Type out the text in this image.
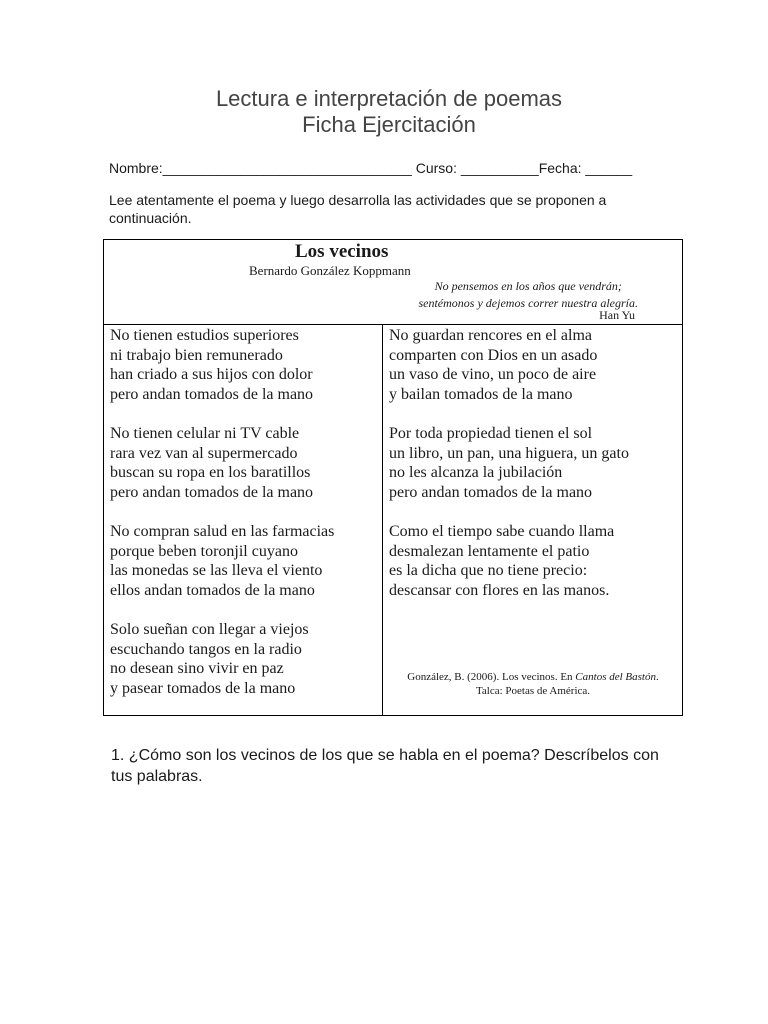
Lectura e interpretación de poemas
Ficha Ejercitación
Nombre:________________________________ Curso: __________Fecha: ______
Lee atentamente el poema y luego desarrolla las actividades que se proponen a continuación.
Los vecinos
Bernardo González Koppmann
No pensemos en los años que vendrán;
sentémonos y dejemos correr nuestra alegría.
Han Yu
No tienen estudios superiores
ni trabajo bien remunerado
han criado a sus hijos con dolor
pero andan tomados de la mano
No tienen celular ni TV cable
rara vez van al supermercado
buscan su ropa en los baratillos
pero andan tomados de la mano
No compran salud en las farmacias
porque beben toronjil cuyano
las monedas se las lleva el viento
ellos andan tomados de la mano
Solo sueñan con llegar a viejos
escuchando tangos en la radio
no desean sino vivir en paz
y pasear tomados de la mano
No guardan rencores en el alma
comparten con Dios en un asado
un vaso de vino, un poco de aire
y bailan tomados de la mano
Por toda propiedad tienen el sol
un libro, un pan, una higuera, un gato
no les alcanza la jubilación
pero andan tomados de la mano
Como el tiempo sabe cuando llama
desmalezan lentamente el patio
es la dicha que no tiene precio:
descansar con flores en las manos.
González, B. (2006). Los vecinos. En Cantos del Bastón.
Talca: Poetas de América.
1. ¿Cómo son los vecinos de los que se habla en el poema? Descríbelos con tus palabras.
